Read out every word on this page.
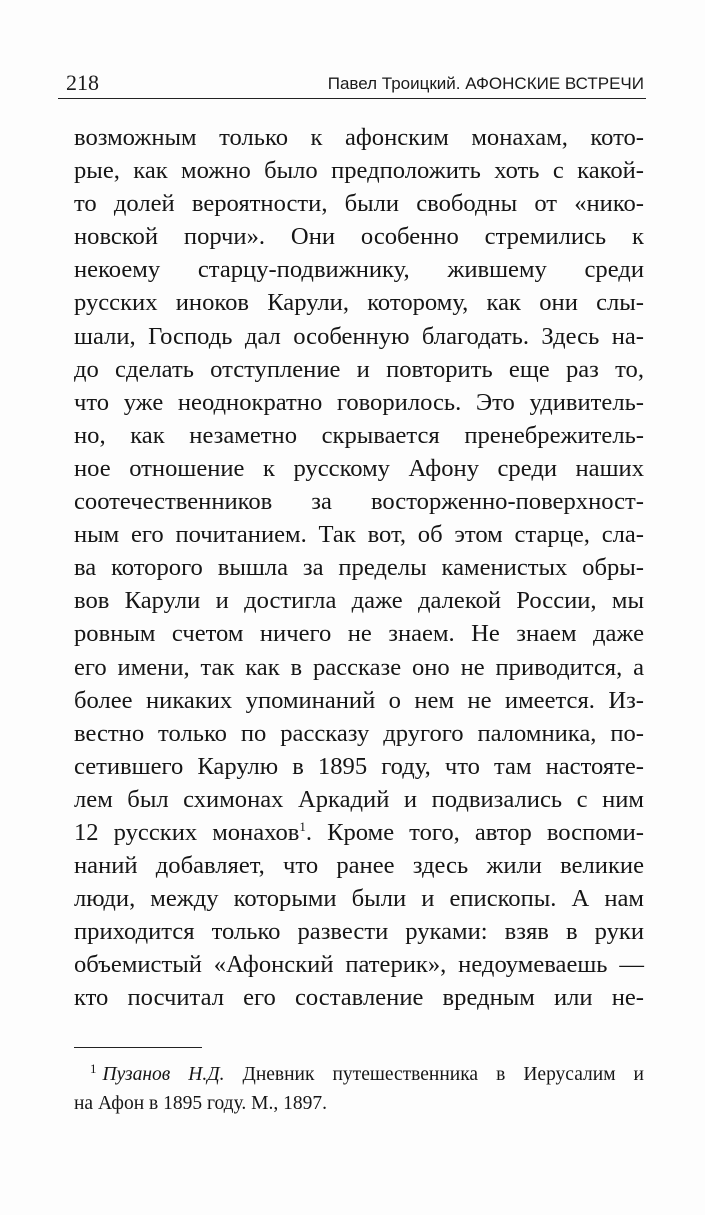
218	Павел Троицкий. АФОНСКИЕ ВСТРЕЧИ
возможным только к афонским монахам, кото-
рые, как можно было предположить хоть с какой-
то долей вероятности, были свободны от «нико-
новской порчи». Они особенно стремились к
некоему старцу-подвижнику, жившему среди
русских иноков Карули, которому, как они слы-
шали, Господь дал особенную благодать. Здесь на-
до сделать отступление и повторить еще раз то,
что уже неоднократно говорилось. Это удивитель-
но, как незаметно скрывается пренебрежитель-
ное отношение к русскому Афону среди наших
соотечественников за восторженно-поверхност-
ным его почитанием. Так вот, об этом старце, сла-
ва которого вышла за пределы каменистых обры-
вов Карули и достигла даже далекой России, мы
ровным счетом ничего не знаем. Не знаем даже
его имени, так как в рассказе оно не приводится, а
более никаких упоминаний о нем не имеется. Из-
вестно только по рассказу другого паломника, по-
сетившего Карулю в 1895 году, что там настояте-
лем был схимонах Аркадий и подвизались с ним
12 русских монахов$^1$. Кроме того, автор воспоми-
наний добавляет, что ранее здесь жили великие
люди, между которыми были и епископы. А нам
приходится только развести руками: взяв в руки
объемистый «Афонский патерик», недоумеваешь —
кто посчитал его составление вредным или не-
$^1$ Пузанов Н.Д. Дневник путешественника в Иерусалим и
на Афон в 1895 году. М., 1897.
